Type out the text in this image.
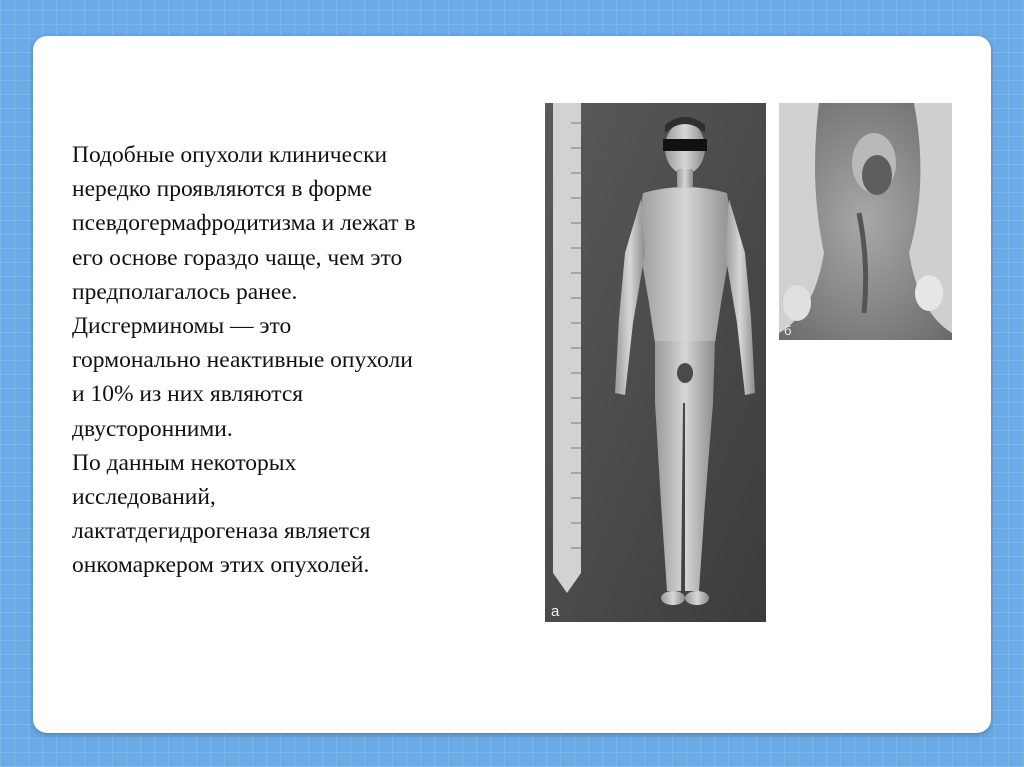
Подобные опухоли клинически
нередко проявляются в форме
псевдогермафродитизма и лежат в
его основе гораздо чаще, чем это
предполагалось ранее.
Дисгерминомы — это
гормонально неактивные опухоли
и 10% из них являются
двусторонними.
По данным некоторых
исследований,
лактатдегидрогеназа является
онкомаркером этих опухолей.

а
б
